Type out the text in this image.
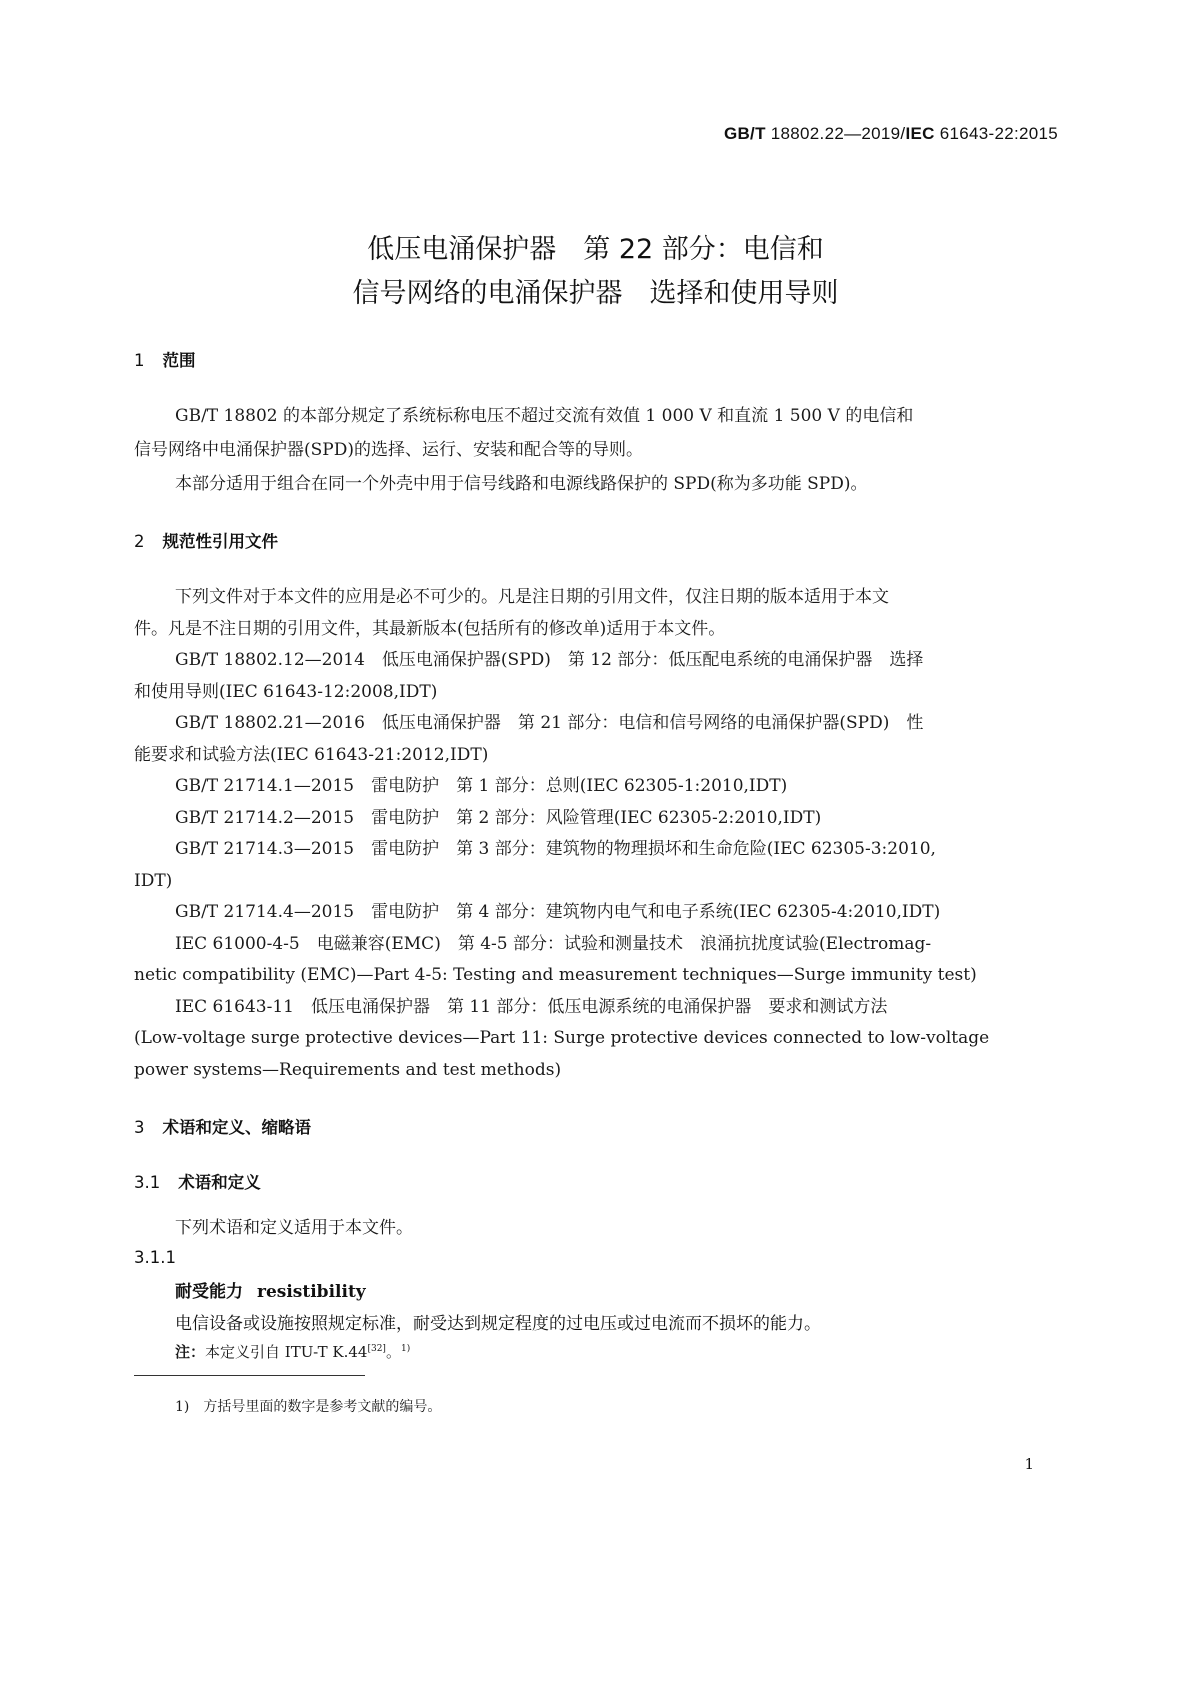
GB/T 18802.22—2019/IEC 61643-22:2015
低压电涌保护器　第 22 部分：电信和
信号网络的电涌保护器　选择和使用导则
1 范围
GB/T 18802 的本部分规定了系统标称电压不超过交流有效值 1 000 V 和直流 1 500 V 的电信和
信号网络中电涌保护器(SPD)的选择、运行、安装和配合等的导则。
本部分适用于组合在同一个外壳中用于信号线路和电源线路保护的 SPD(称为多功能 SPD)。
2 规范性引用文件
下列文件对于本文件的应用是必不可少的。凡是注日期的引用文件，仅注日期的版本适用于本文
件。凡是不注日期的引用文件，其最新版本(包括所有的修改单)适用于本文件。
GB/T 18802.12—2014　低压电涌保护器(SPD)　第 12 部分：低压配电系统的电涌保护器　选择
和使用导则(IEC 61643-12:2008,IDT)
GB/T 18802.21—2016　低压电涌保护器　第 21 部分：电信和信号网络的电涌保护器(SPD)　性
能要求和试验方法(IEC 61643-21:2012,IDT)
GB/T 21714.1—2015　雷电防护　第 1 部分：总则(IEC 62305-1:2010,IDT)
GB/T 21714.2—2015　雷电防护　第 2 部分：风险管理(IEC 62305-2:2010,IDT)
GB/T 21714.3—2015　雷电防护　第 3 部分：建筑物的物理损坏和生命危险(IEC 62305-3:2010,
IDT)
GB/T 21714.4—2015　雷电防护　第 4 部分：建筑物内电气和电子系统(IEC 62305-4:2010,IDT)
IEC 61000-4-5　电磁兼容(EMC)　第 4-5 部分：试验和测量技术　浪涌抗扰度试验(Electromag-
netic compatibility (EMC)—Part 4-5: Testing and measurement techniques—Surge immunity test)
IEC 61643-11　低压电涌保护器　第 11 部分：低压电源系统的电涌保护器　要求和测试方法
(Low-voltage surge protective devices—Part 11: Surge protective devices connected to low-voltage
power systems—Requirements and test methods)
3 术语和定义、缩略语
3.1 术语和定义
下列术语和定义适用于本文件。
3.1.1
耐受能力 resistibility
电信设备或设施按照规定标准，耐受达到规定程度的过电压或过电流而不损坏的能力。
注：本定义引自 ITU-T K.44[32]。$^{1)}$
1) 方括号里面的数字是参考文献的编号。
1
